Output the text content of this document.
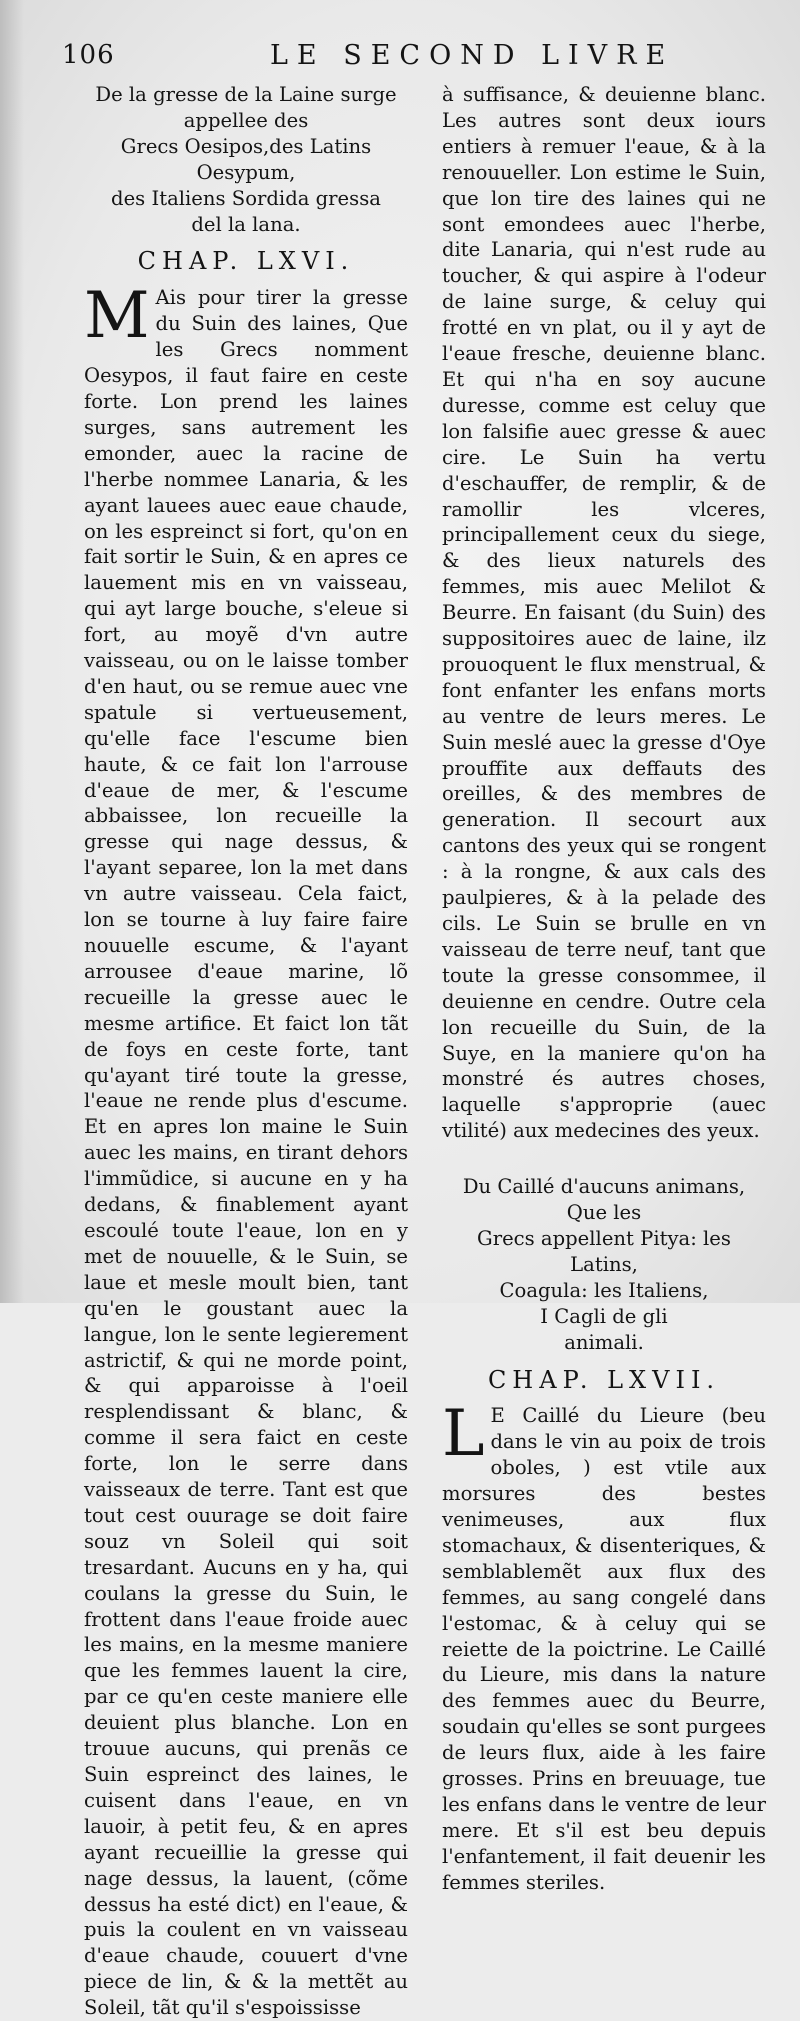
106	LE SECOND LIVRE

De la gresse de la Laine surge appellee des
Grecs Oesipos,des Latins Oesypum,
des Italiens Sordida gressa
del la lana.

CHAP. LXVI.

M Ais pour tirer la gresse du Suin des laines, Que les Grecs nomment Oesypos, il faut faire en ceste forte. Lon prend les laines surges, sans autrement les emonder, auec la racine de l'herbe nommee Lanaria, & les ayant lauees auec eaue chaude, on les espreinct si fort, qu'on en fait sortir le Suin, & en apres ce lauement mis en vn vaisseau, qui ayt large bouche, s'eleue si fort, au moyẽ d'vn autre vaisseau, ou on le laisse tomber d'en haut, ou se remue auec vne spatule si vertueusement, qu'elle face l'escume bien haute, & ce fait lon l'arrouse d'eaue de mer, & l'escume abbaissee, lon recueille la gresse qui nage dessus, & l'ayant separee, lon la met dans vn autre vaisseau. Cela faict, lon se tourne à luy faire faire nouuelle escume, & l'ayant arrousee d'eaue marine, lõ recueille la gresse auec le mesme artifice. Et faict lon tãt de foys en ceste forte, tant qu'ayant tiré toute la gresse, l'eaue ne rende plus d'escume. Et en apres lon maine le Suin auec les mains, en tirant dehors l'immũdice, si aucune en y ha dedans, & finablement ayant escoulé toute l'eaue, lon en y met de nouuelle, & le Suin, se laue et mesle moult bien, tant qu'en le goustant auec la langue, lon le sente legierement astrictif, & qui ne morde point, & qui apparoisse à l'oeil resplendissant & blanc, & comme il sera faict en ceste forte, lon le serre dans vaisseaux de terre. Tant est que tout cest ouurage se doit faire souz vn Soleil qui soit tresardant. Aucuns en y ha, qui coulans la gresse du Suin, le frottent dans l'eaue froide auec les mains, en la mesme maniere que les femmes lauent la cire, par ce qu'en ceste maniere elle deuient plus blanche. Lon en trouue aucuns, qui prenãs ce Suin espreinct des laines, le cuisent dans l'eaue, en vn lauoir, à petit feu, & en apres ayant recueillie la gresse qui nage dessus, la lauent, (cõme dessus ha esté dict) en l'eaue, & puis la coulent en vn vaisseau d'eaue chaude, couuert d'vne piece de lin, & & la mettẽt au Soleil, tãt qu'il s'espoississe

à suffisance, & deuienne blanc. Les autres sont deux iours entiers à remuer l'eaue, & à la renouueller. Lon estime le Suin, que lon tire des laines qui ne sont emondees auec l'herbe, dite Lanaria, qui n'est rude au toucher, & qui aspire à l'odeur de laine surge, & celuy qui frotté en vn plat, ou il y ayt de l'eaue fresche, deuienne blanc. Et qui n'ha en soy aucune duresse, comme est celuy que lon falsifie auec gresse & auec cire. Le Suin ha vertu d'eschauffer, de remplir, & de ramollir les vlceres, principallement ceux du siege, & des lieux naturels des femmes, mis auec Melilot & Beurre. En faisant (du Suin) des suppositoires auec de laine, ilz prouoquent le flux menstrual, & font enfanter les enfans morts au ventre de leurs meres. Le Suin meslé auec la gresse d'Oye prouffite aux deffauts des oreilles, & des membres de generation. Il secourt aux cantons des yeux qui se rongent : à la rongne, & aux cals des paulpieres, & à la pelade des cils. Le Suin se brulle en vn vaisseau de terre neuf, tant que toute la gresse consommee, il deuienne en cendre. Outre cela lon recueille du Suin, de la Suye, en la maniere qu'on ha monstré és autres choses, laquelle s'approprie (auec vtilité) aux medecines des yeux.

Du Caillé d'aucuns animans, Que les
Grecs appellent Pitya: les Latins,
Coagula: les Italiens,
I Cagli de gli
animali.

CHAP. LXVII.

L E Caillé du Lieure (beu dans le vin au poix de trois oboles, ) est vtile aux morsures des bestes venimeuses, aux flux stomachaux, & disenteriques, & semblablemẽt aux flux des femmes, au sang congelé dans l'estomac, & à celuy qui se reiette de la poictrine. Le Caillé du Lieure, mis dans la nature des femmes auec du Beurre, soudain qu'elles se sont purgees de leurs flux, aide à les faire grosses. Prins en breuuage, tue les enfans dans le ventre de leur mere. Et s'il est beu depuis l'enfantement, il fait deuenir les femmes steriles.
